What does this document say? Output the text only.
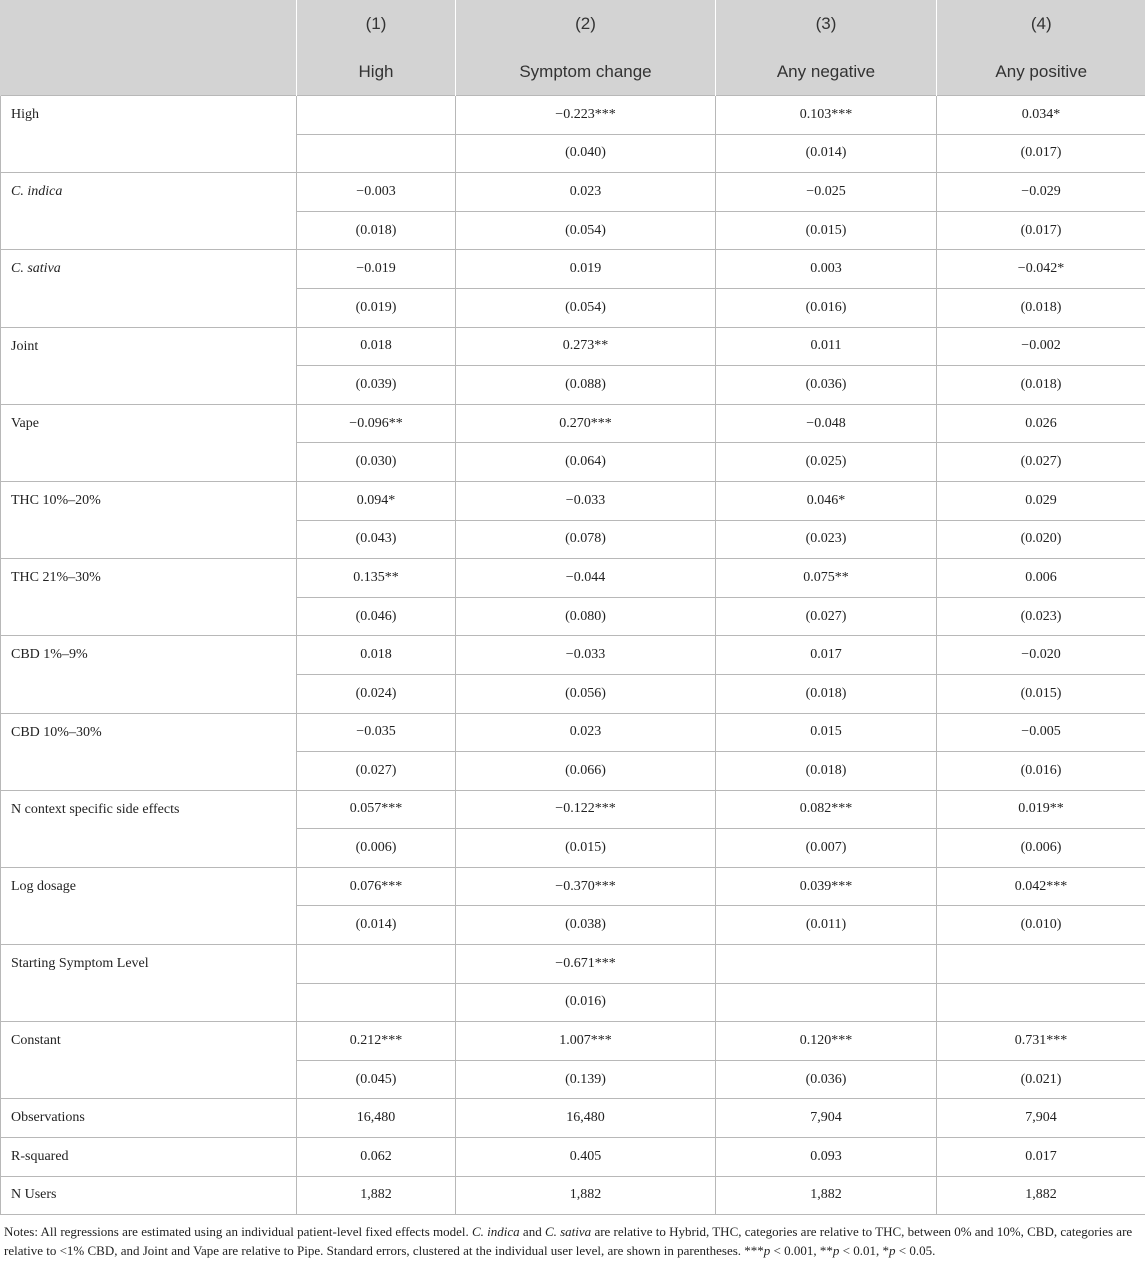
	(1)	(2)	(3)	(4)
	High	Symptom change	Any negative	Any positive
High		−0.223***	0.103***	0.034*
		(0.040)	(0.014)	(0.017)
C. indica	−0.003	0.023	−0.025	−0.029
	(0.018)	(0.054)	(0.015)	(0.017)
C. sativa	−0.019	0.019	0.003	−0.042*
	(0.019)	(0.054)	(0.016)	(0.018)
Joint	0.018	0.273**	0.011	−0.002
	(0.039)	(0.088)	(0.036)	(0.018)
Vape	−0.096**	0.270***	−0.048	0.026
	(0.030)	(0.064)	(0.025)	(0.027)
THC 10%–20%	0.094*	−0.033	0.046*	0.029
	(0.043)	(0.078)	(0.023)	(0.020)
THC 21%–30%	0.135**	−0.044	0.075**	0.006
	(0.046)	(0.080)	(0.027)	(0.023)
CBD 1%–9%	0.018	−0.033	0.017	−0.020
	(0.024)	(0.056)	(0.018)	(0.015)
CBD 10%–30%	−0.035	0.023	0.015	−0.005
	(0.027)	(0.066)	(0.018)	(0.016)
N context specific side effects	0.057***	−0.122***	0.082***	0.019**
	(0.006)	(0.015)	(0.007)	(0.006)
Log dosage	0.076***	−0.370***	0.039***	0.042***
	(0.014)	(0.038)	(0.011)	(0.010)
Starting Symptom Level		−0.671***		
		(0.016)		
Constant	0.212***	1.007***	0.120***	0.731***
	(0.045)	(0.139)	(0.036)	(0.021)
Observations	16,480	16,480	7,904	7,904
R-squared	0.062	0.405	0.093	0.017
N Users	1,882	1,882	1,882	1,882
Notes: All regressions are estimated using an individual patient-level fixed effects model. C. indica and C. sativa are relative to Hybrid, THC, categories are relative to THC, between 0% and 10%, CBD, categories are relative to <1% CBD, and Joint and Vape are relative to Pipe. Standard errors, clustered at the individual user level, are shown in parentheses. ***p < 0.001, **p < 0.01, *p < 0.05.
